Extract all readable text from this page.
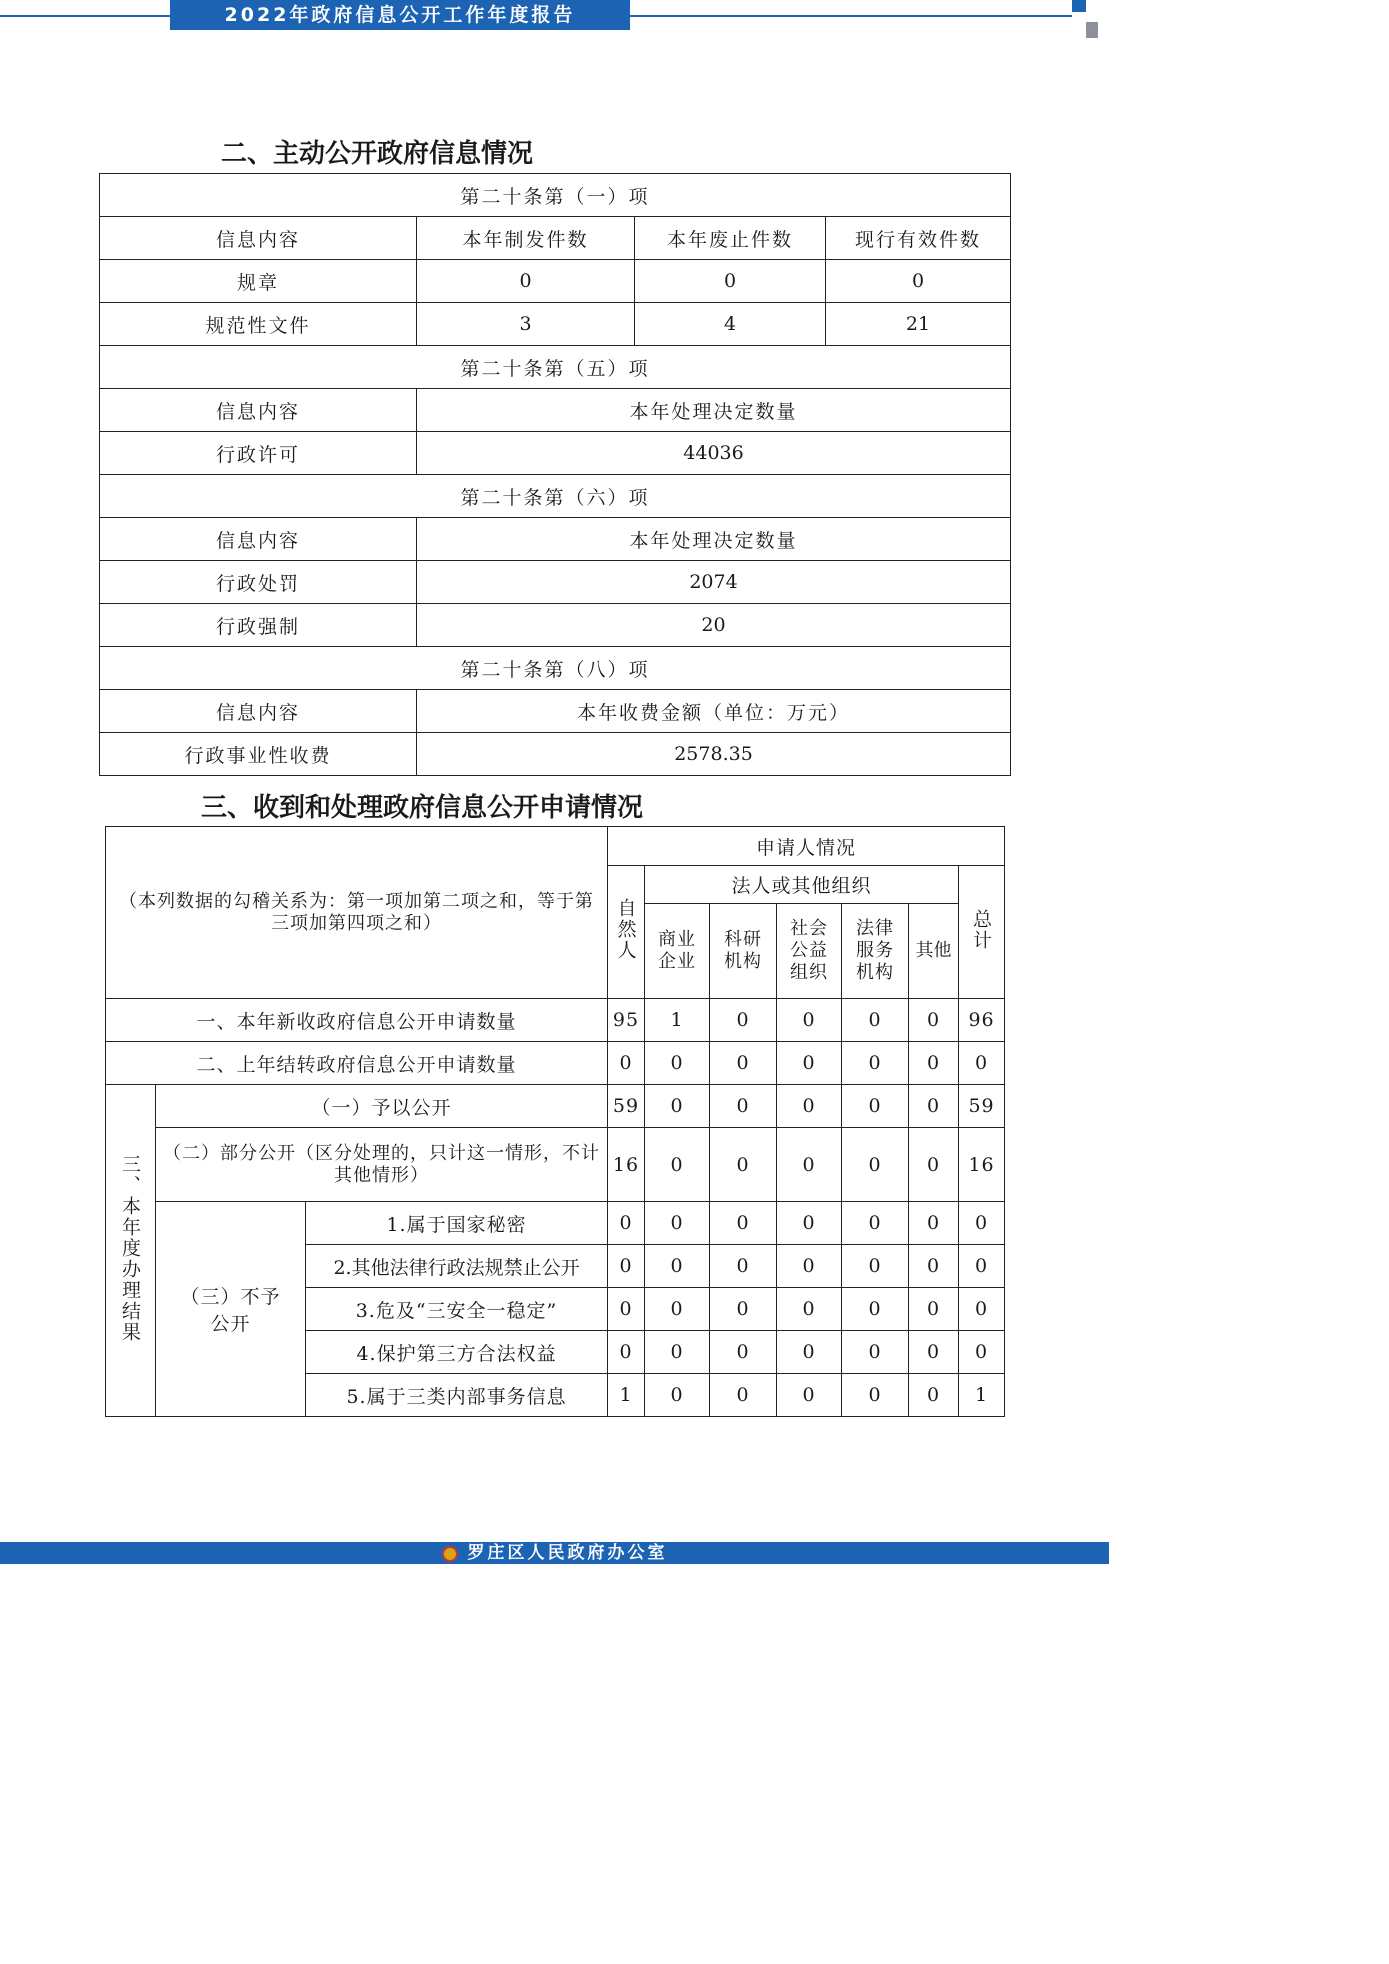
2022年政府信息公开工作年度报告
二、主动公开政府信息情况
第二十条第（一）项			
信息内容	本年制发件数	本年废止件数	现行有效件数
规章	0	0	0
规范性文件	3	4	21
第二十条第（五）项			
信息内容	本年处理决定数量		
行政许可	44036		
第二十条第（六）项			
信息内容	本年处理决定数量		
行政处罚	2074		
行政强制	20		
第二十条第（八）项			
信息内容	本年收费金额（单位：万元）		
行政事业性收费	2578.35		
三、收到和处理政府信息公开申请情况
（本列数据的勾稽关系为：第一项加第二项之和，等于第三项加第四项之和）			申请人情况						
			自然人	法人或其他组织					总计
				商业企业	科研机构	社会公益组织	法律服务机构	其他	
一、本年新收政府信息公开申请数量			95	1	0	0	0	0	96
二、上年结转政府信息公开申请数量			0	0	0	0	0	0	0
三、本年度办理结果	（一）予以公开		59	0	0	0	0	0	59
	（二）部分公开（区分处理的，只计这一情形，不计其他情形）		16	0	0	0	0	0	16
	（三）不予公开	1.属于国家秘密	0	0	0	0	0	0	0
		2.其他法律行政法规禁止公开	0	0	0	0	0	0	0
		3.危及“三安全一稳定”	0	0	0	0	0	0	0
		4.保护第三方合法权益	0	0	0	0	0	0	0
		5.属于三类内部事务信息	1	0	0	0	0	0	1
罗庄区人民政府办公室
